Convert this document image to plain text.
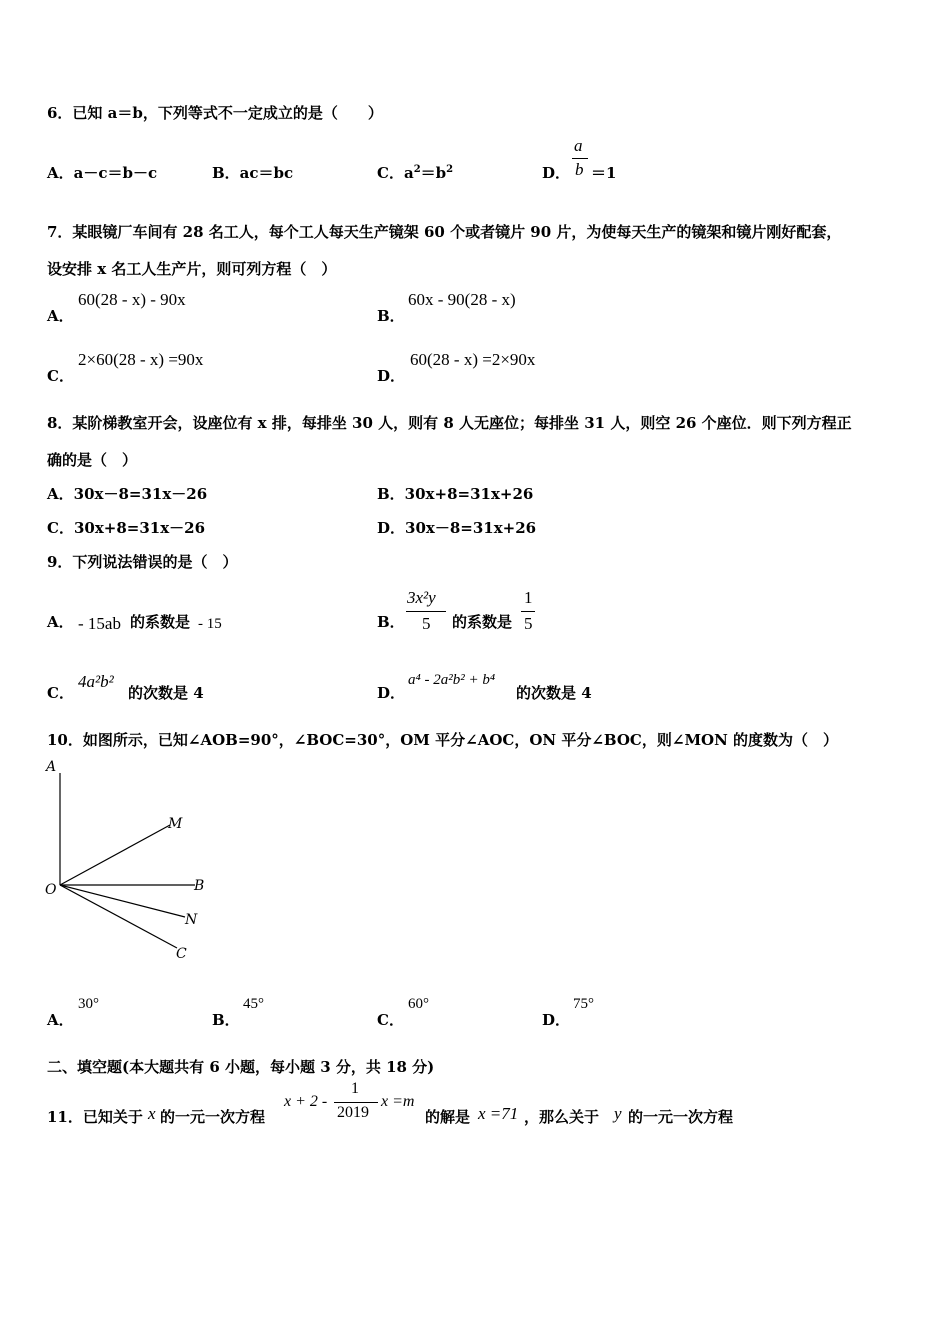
6．已知 a＝b，下列等式不一定成立的是（　　）
A．a－c＝b－c	B．ac＝bc	C．$a^2=b^2$	D．
a
b ＝1
7．某眼镜厂车间有 28 名工人，每个工人每天生产镜架 60 个或者镜片 90 片，为使每天生产的镜架和镜片刚好配套，
设安排 x 名工人生产片，则可列方程（　）
A．
60(28 - x) - 90x
B．
60x - 90(28 - x)
C．
2×60(28 - x) =90x
D．
60(28 - x) =2×90x
8．某阶梯教室开会，设座位有 x 排，每排坐 30 人，则有 8 人无座位；每排坐 31 人，则空 26 个座位．则下列方程正
确的是（　）
A．30x－8=31x－26	B．30x+8=31x+26
C．30x+8=31x－26	D．30x－8=31x+26
9．下列说法错误的是（　）
A． - 15ab 的系数是 - 15	B．
3x²y
5 的系数是
1
5
C．
4a²b²
的次数是 4	D．
a⁴ - 2a²b² + b⁴
的次数是 4
10．如图所示，已知∠AOB=90°，∠BOC=30°，OM 平分∠AOC，ON 平分∠BOC，则∠MON 的度数为（　）
A
M
O	B
N
C
A．
30°
B．
45°
C．
60°
D．
75°
二、填空题(本大题共有 6 小题，每小题 3 分，共 18 分)
11．已知关于 x 的一元一次方程
x + 2 -
1
2019
x =m
的解是 x =71 ，那么关于 y 的一元一次方程
